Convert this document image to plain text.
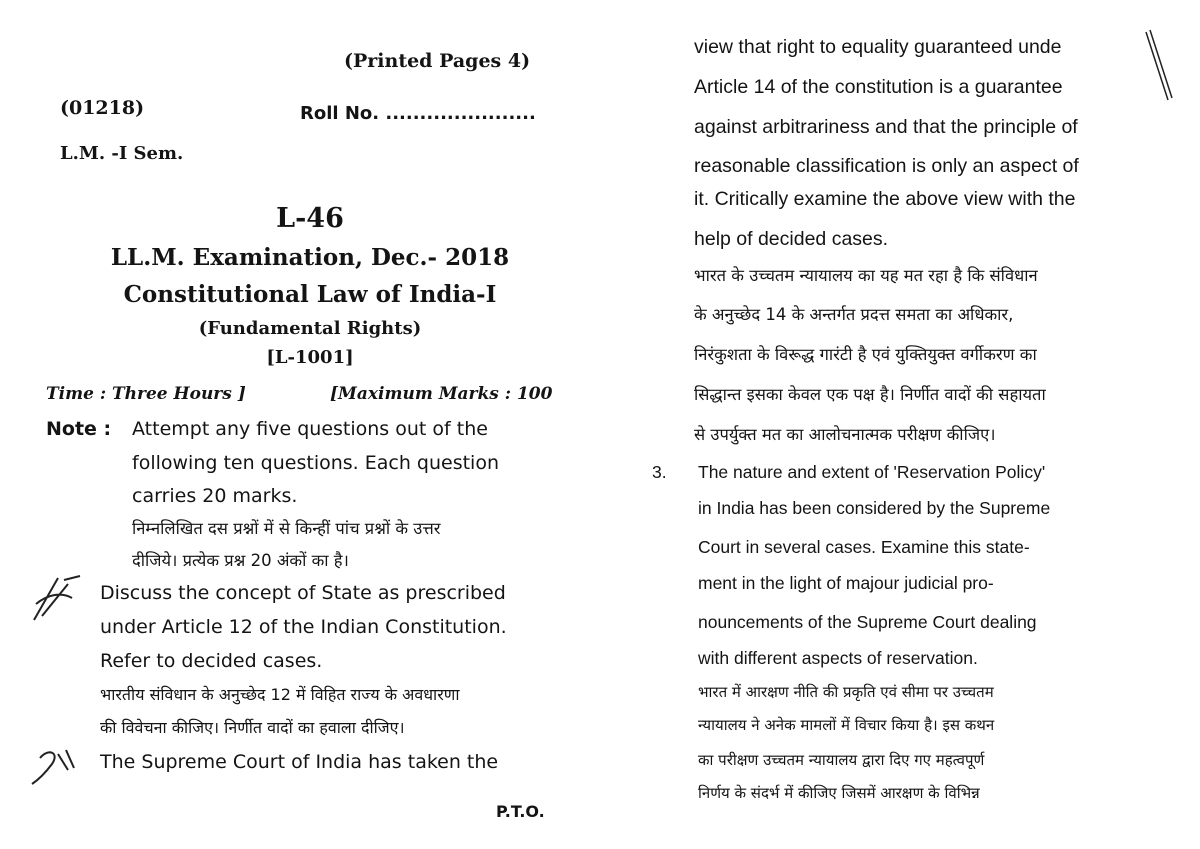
(Printed Pages 4)
(01218)	Roll No. ......................
L.M. -I Sem.
L-46
LL.M. Examination, Dec.- 2018
Constitutional Law of India-I
(Fundamental Rights)
[L-1001]
Time : Three Hours ]	[Maximum Marks : 100
Note : Attempt any five questions out of the
following ten questions. Each question
carries 20 marks.
निम्नलिखित दस प्रश्नों में से किन्हीं पांच प्रश्नों के उत्तर
दीजिये। प्रत्येक प्रश्न 20 अंकों का है।
Discuss the concept of State as prescribed
under Article 12 of the Indian Constitution.
Refer to decided cases.
भारतीय संविधान के अनुच्छेद 12 में विहित राज्य के अवधारणा
की विवेचना कीजिए। निर्णीत वादों का हवाला दीजिए।
The Supreme Court of India has taken the
P.T.O.
view that right to equality guaranteed unde
Article 14 of the constitution is a guarantee
against arbitrariness and that the principle of
reasonable classification is only an aspect of
it. Critically examine the above view with the
help of decided cases.
भारत के उच्चतम न्यायालय का यह मत रहा है कि संविधान
के अनुच्छेद 14 के अन्तर्गत प्रदत्त समता का अधिकार,
निरंकुशता के विरूद्ध गारंटी है एवं युक्तियुक्त वर्गीकरण का
सिद्धान्त इसका केवल एक पक्ष है। निर्णीत वादों की सहायता
से उपर्युक्त मत का आलोचनात्मक परीक्षण कीजिए।
3. The nature and extent of 'Reservation Policy'
in India has been considered by the Supreme
Court in several cases. Examine this state-
ment in the light of majour judicial pro-
nouncements of the Supreme Court dealing
with different aspects of reservation.
भारत में आरक्षण नीति की प्रकृति एवं सीमा पर उच्चतम
न्यायालय ने अनेक मामलों में विचार किया है। इस कथन
का परीक्षण उच्चतम न्यायालय द्वारा दिए गए महत्वपूर्ण
निर्णय के संदर्भ में कीजिए जिसमें आरक्षण के विभिन्न
